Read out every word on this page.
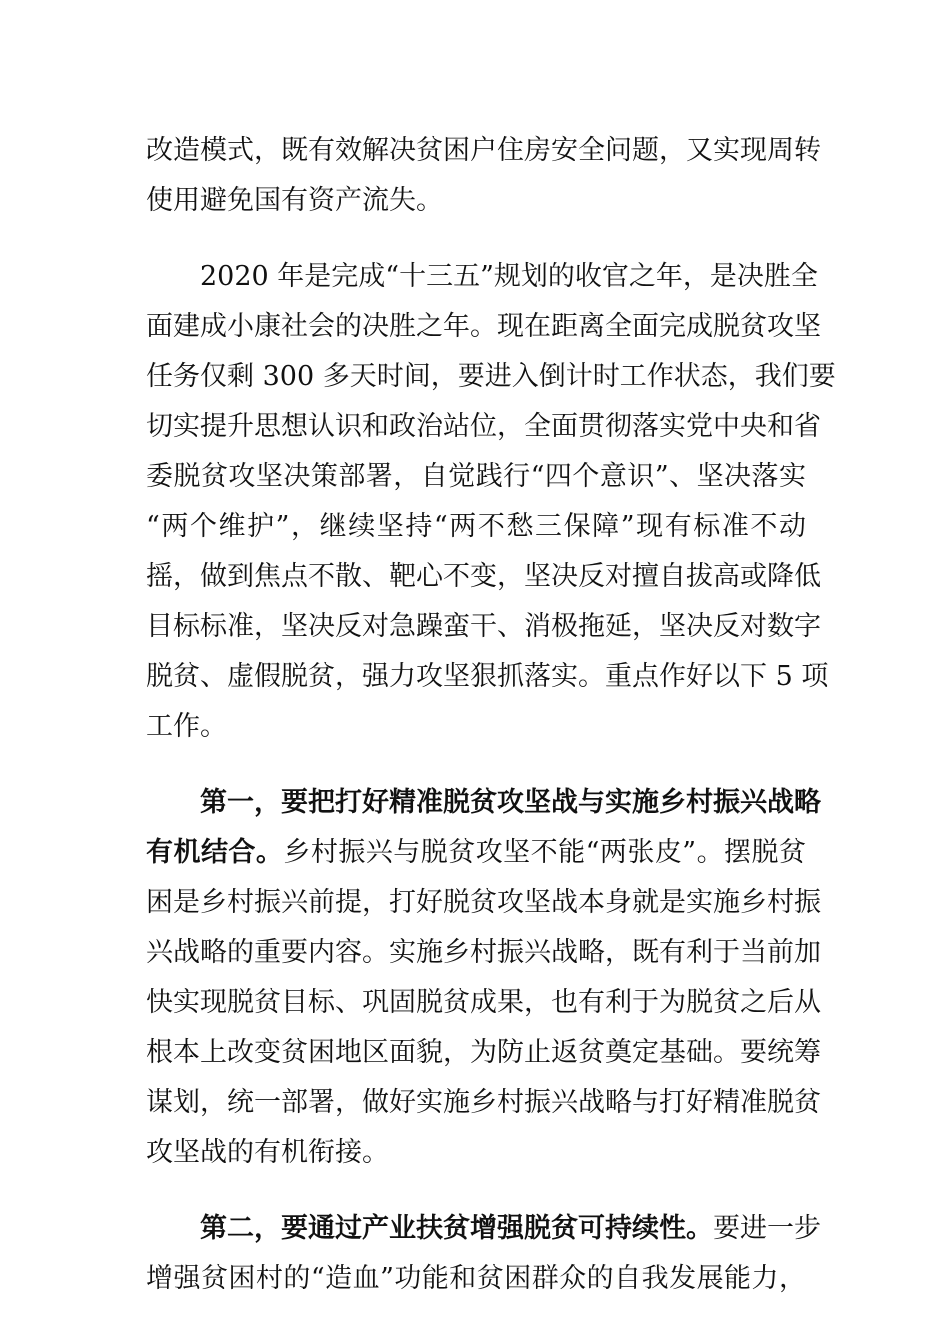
改造模式，既有效解决贫困户住房安全问题，又实现周转
使用避免国有资产流失。
2020 年是完成“十三五”规划的收官之年，是决胜全
面建成小康社会的决胜之年。现在距离全面完成脱贫攻坚
任务仅剩 300 多天时间，要进入倒计时工作状态，我们要
切实提升思想认识和政治站位，全面贯彻落实党中央和省
委脱贫攻坚决策部署，自觉践行“四个意识”、坚决落实
“两个维护”，继续坚持“两不愁三保障”现有标准不动
摇，做到焦点不散、靶心不变，坚决反对擅自拔高或降低
目标标准，坚决反对急躁蛮干、消极拖延，坚决反对数字
脱贫、虚假脱贫，强力攻坚狠抓落实。重点作好以下 5 项
工作。
第一，要把打好精准脱贫攻坚战与实施乡村振兴战略
有机结合。乡村振兴与脱贫攻坚不能“两张皮”。摆脱贫
困是乡村振兴前提，打好脱贫攻坚战本身就是实施乡村振
兴战略的重要内容。实施乡村振兴战略，既有利于当前加
快实现脱贫目标、巩固脱贫成果，也有利于为脱贫之后从
根本上改变贫困地区面貌，为防止返贫奠定基础。要统筹
谋划，统一部署，做好实施乡村振兴战略与打好精准脱贫
攻坚战的有机衔接。
第二，要通过产业扶贫增强脱贫可持续性。要进一步
增强贫困村的“造血”功能和贫困群众的自我发展能力，
